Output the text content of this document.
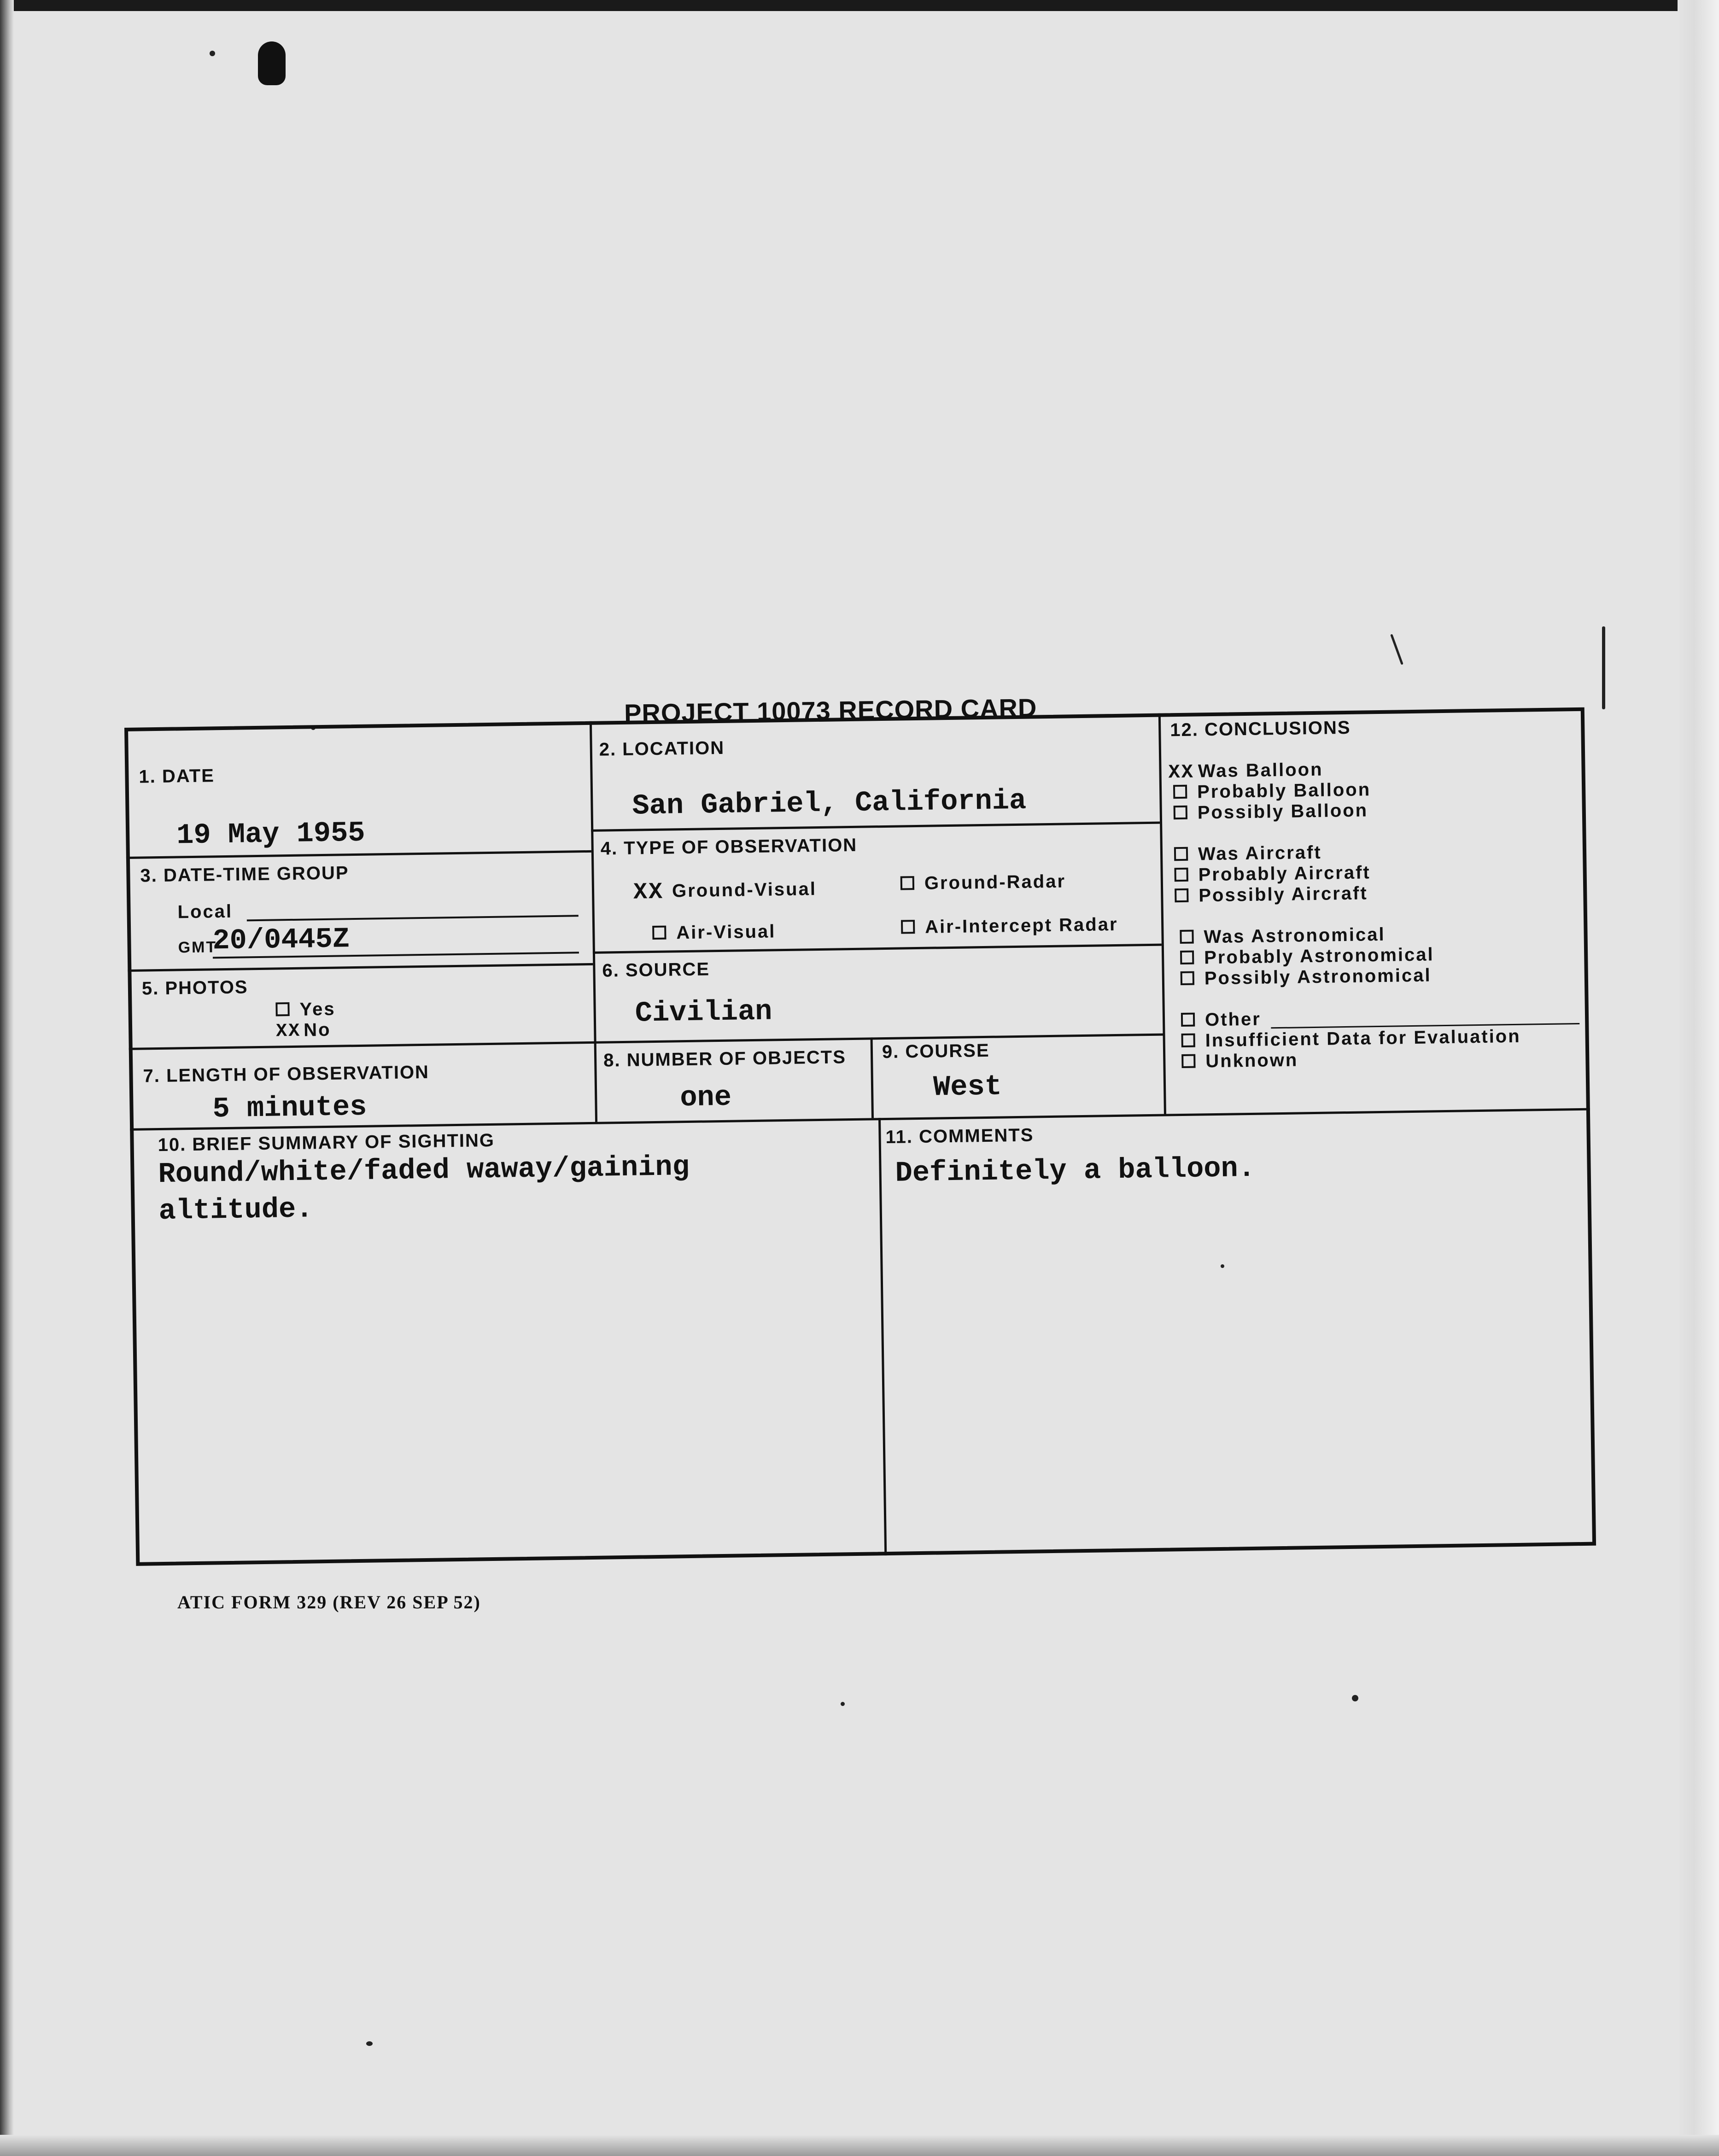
PROJECT 10073 RECORD CARD
1. DATE
19 May 1955
2. LOCATION
San Gabriel, California
3. DATE-TIME GROUP
Local
GMT
20/0445Z
4. TYPE OF OBSERVATION
XX Ground-Visual	Ground-Radar
Air-Visual	Air-Intercept Radar
5. PHOTOS
Yes
XX No
6. SOURCE
Civilian
7. LENGTH OF OBSERVATION
5 minutes
8. NUMBER OF OBJECTS
one
9. COURSE
West
10. BRIEF SUMMARY OF SIGHTING
Round/white/faded waway/gaining
altitude.
11. COMMENTS
Definitely a balloon.
12. CONCLUSIONS
XX Was Balloon
Probably Balloon
Possibly Balloon
Was Aircraft
Probably Aircraft
Possibly Aircraft
Was Astronomical
Probably Astronomical
Possibly Astronomical
Other
Insufficient Data for Evaluation
Unknown
ATIC FORM 329 (REV 26 SEP 52)
